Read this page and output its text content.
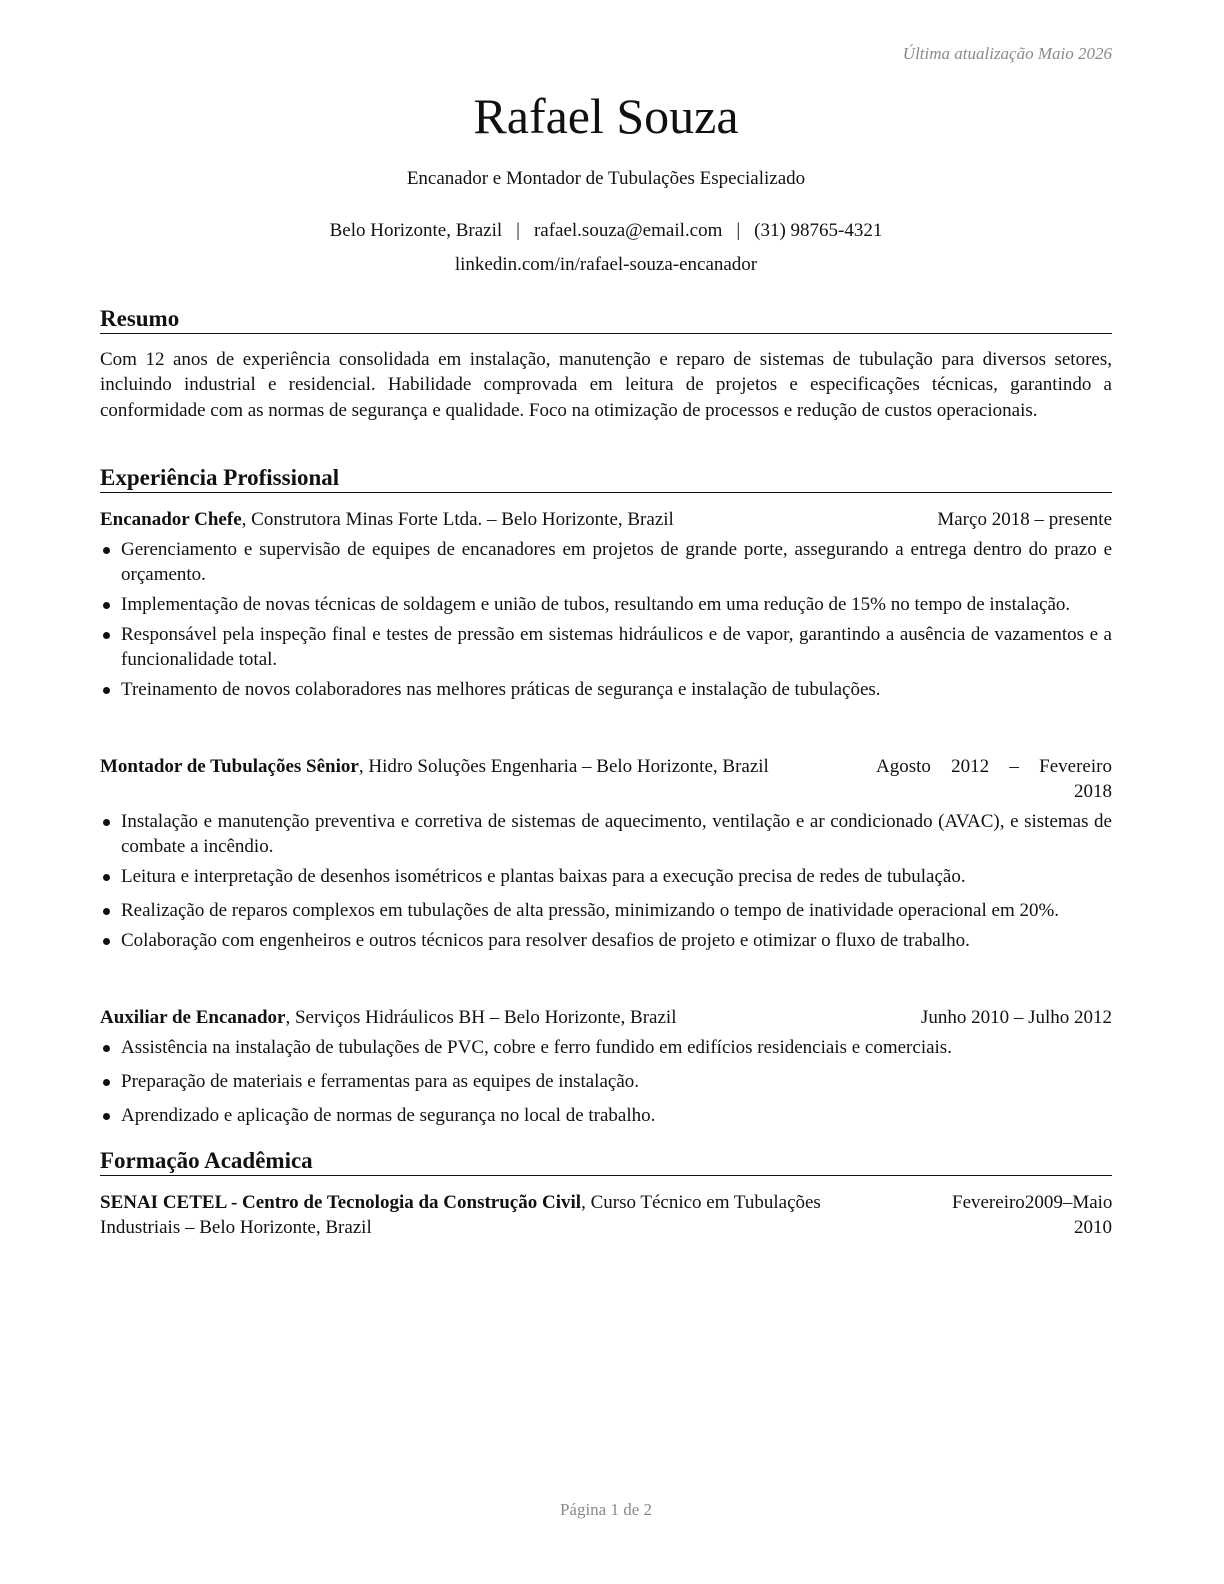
Última atualização Maio 2026
Rafael Souza
Encanador e Montador de Tubulações Especializado
Belo Horizonte, Brazil | rafael.souza@email.com | (31) 98765-4321
linkedin.com/in/rafael-souza-encanador
Resumo
Com 12 anos de experiência consolidada em instalação, manutenção e reparo de sistemas de tubulação para diversos setores, incluindo industrial e residencial. Habilidade comprovada em leitura de projetos e especificações técnicas, garantindo a conformidade com as normas de segurança e qualidade. Foco na otimização de processos e redução de custos operacionais.
Experiência Profissional
Encanador Chefe, Construtora Minas Forte Ltda. – Belo Horizonte, Brazil	Março 2018 – presente
Gerenciamento e supervisão de equipes de encanadores em projetos de grande porte, assegurando a entrega dentro do prazo e orçamento.
Implementação de novas técnicas de soldagem e união de tubos, resultando em uma redução de 15% no tempo de instalação.
Responsável pela inspeção final e testes de pressão em sistemas hidráulicos e de vapor, garantindo a ausência de vazamentos e a funcionalidade total.
Treinamento de novos colaboradores nas melhores práticas de segurança e instalação de tubulações.
Montador de Tubulações Sênior, Hidro Soluções Engenharia – Belo Horizonte, Brazil	Agosto 2012 – Fevereiro
2018
Instalação e manutenção preventiva e corretiva de sistemas de aquecimento, ventilação e ar condicionado (AVAC), e sistemas de combate a incêndio.
Leitura e interpretação de desenhos isométricos e plantas baixas para a execução precisa de redes de tubulação.
Realização de reparos complexos em tubulações de alta pressão, minimizando o tempo de inatividade operacional em 20%.
Colaboração com engenheiros e outros técnicos para resolver desafios de projeto e otimizar o fluxo de trabalho.
Auxiliar de Encanador, Serviços Hidráulicos BH – Belo Horizonte, Brazil	Junho 2010 – Julho 2012
Assistência na instalação de tubulações de PVC, cobre e ferro fundido em edifícios residenciais e comerciais.
Preparação de materiais e ferramentas para as equipes de instalação.
Aprendizado e aplicação de normas de segurança no local de trabalho.
Formação Acadêmica
SENAI CETEL - Centro de Tecnologia da Construção Civil, Curso Técnico em Tubulações Industriais – Belo Horizonte, Brazil
Fevereiro 2009 – Maio
2010
Página 1 de 2
